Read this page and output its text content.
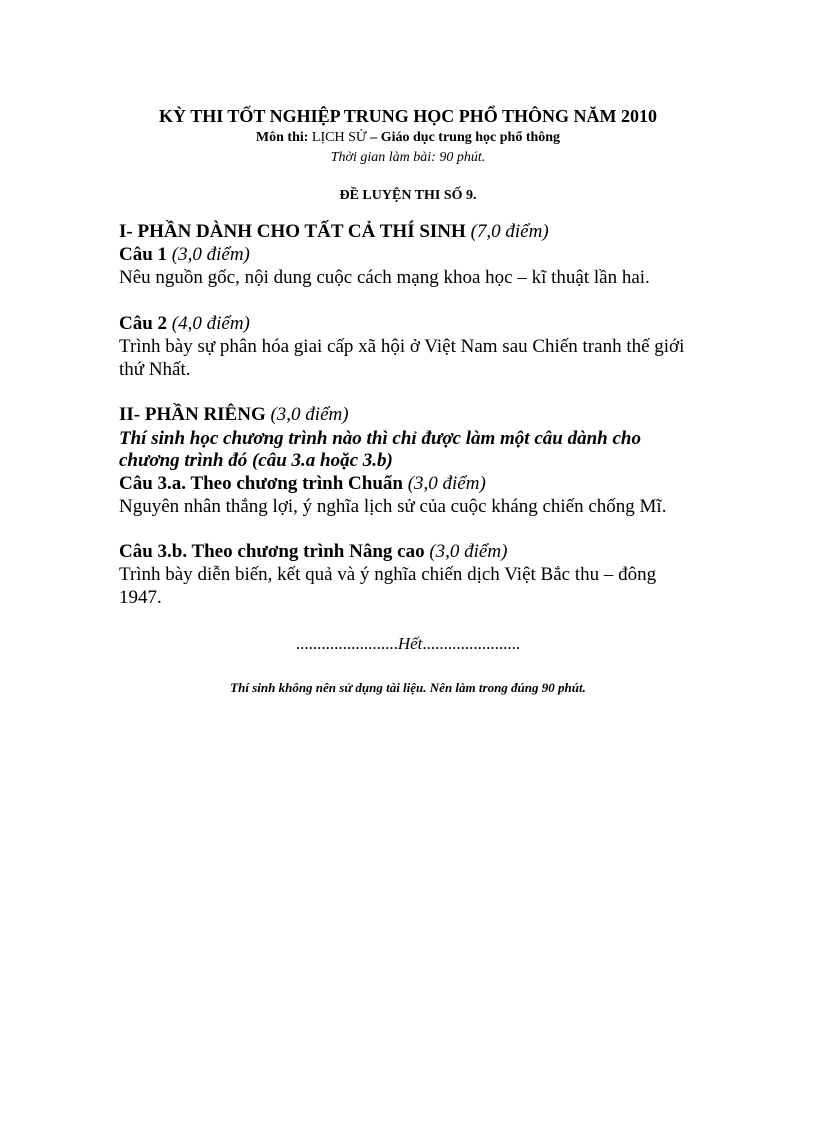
KỲ THI TỐT NGHIỆP TRUNG HỌC PHỔ THÔNG NĂM 2010
Môn thi: LỊCH SỬ – Giáo dục trung học phổ thông
Thời gian làm bài: 90 phút.
ĐỀ LUYỆN THI SỐ 9.
I- PHẦN DÀNH CHO TẤT CẢ THÍ SINH (7,0 điểm)
Câu 1 (3,0 điểm)
Nêu nguồn gốc, nội dung cuộc cách mạng khoa học – kĩ thuật lần hai.
Câu 2 (4,0 điểm)
Trình bày sự phân hóa giai cấp xã hội ở Việt Nam sau Chiến tranh thế giới
thứ Nhất.
II- PHẦN RIÊNG (3,0 điểm)
Thí sinh học chương trình nào thì chỉ được làm một câu dành cho
chương trình đó (câu 3.a hoặc 3.b)
Câu 3.a. Theo chương trình Chuẩn (3,0 điểm)
Nguyên nhân thắng lợi, ý nghĩa lịch sử của cuộc kháng chiến chống Mĩ.
Câu 3.b. Theo chương trình Nâng cao (3,0 điểm)
Trình bày diễn biến, kết quả và ý nghĩa chiến dịch Việt Bắc thu – đông
1947.
........................Hết.......................
Thí sinh không nên sử dụng tài liệu. Nên làm trong đúng 90 phút.
